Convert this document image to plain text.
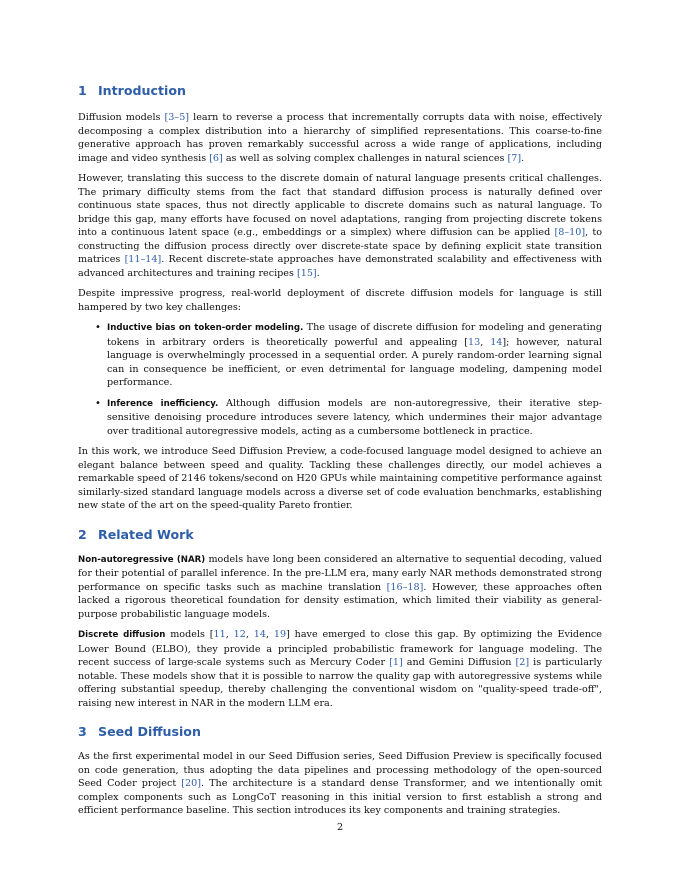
1 Introduction

Diffusion models [3–5] learn to reverse a process that incrementally corrupts data with noise, effectively decomposing a complex distribution into a hierarchy of simplified representations. This coarse-to-fine generative approach has proven remarkably successful across a wide range of applications, including image and video synthesis [6] as well as solving complex challenges in natural sciences [7].

However, translating this success to the discrete domain of natural language presents critical challenges. The primary difficulty stems from the fact that standard diffusion process is naturally defined over continuous state spaces, thus not directly applicable to discrete domains such as natural language. To bridge this gap, many efforts have focused on novel adaptations, ranging from projecting discrete tokens into a continuous latent space (e.g., embeddings or a simplex) where diffusion can be applied [8–10], to constructing the diffusion process directly over discrete-state space by defining explicit state transition matrices [11–14]. Recent discrete-state approaches have demonstrated scalability and effectiveness with advanced architectures and training recipes [15].

Despite impressive progress, real-world deployment of discrete diffusion models for language is still hampered by two key challenges:

• Inductive bias on token-order modeling. The usage of discrete diffusion for modeling and generating tokens in arbitrary orders is theoretically powerful and appealing [13, 14]; however, natural language is overwhelmingly processed in a sequential order. A purely random-order learning signal can in consequence be inefficient, or even detrimental for language modeling, dampening model performance.
• Inference inefficiency. Although diffusion models are non-autoregressive, their iterative step-sensitive denoising procedure introduces severe latency, which undermines their major advantage over traditional autoregressive models, acting as a cumbersome bottleneck in practice.

In this work, we introduce Seed Diffusion Preview, a code-focused language model designed to achieve an elegant balance between speed and quality. Tackling these challenges directly, our model achieves a remarkable speed of 2146 tokens/second on H20 GPUs while maintaining competitive performance against similarly-sized standard language models across a diverse set of code evaluation benchmarks, establishing new state of the art on the speed-quality Pareto frontier.

2 Related Work

Non-autoregressive (NAR) models have long been considered an alternative to sequential decoding, valued for their potential of parallel inference. In the pre-LLM era, many early NAR methods demonstrated strong performance on specific tasks such as machine translation [16–18]. However, these approaches often lacked a rigorous theoretical foundation for density estimation, which limited their viability as general-purpose probabilistic language models.

Discrete diffusion models [11, 12, 14, 19] have emerged to close this gap. By optimizing the Evidence Lower Bound (ELBO), they provide a principled probabilistic framework for language modeling. The recent success of large-scale systems such as Mercury Coder [1] and Gemini Diffusion [2] is particularly notable. These models show that it is possible to narrow the quality gap with autoregressive systems while offering substantial speedup, thereby challenging the conventional wisdom on "quality-speed trade-off", raising new interest in NAR in the modern LLM era.

3 Seed Diffusion

As the first experimental model in our Seed Diffusion series, Seed Diffusion Preview is specifically focused on code generation, thus adopting the data pipelines and processing methodology of the open-sourced Seed Coder project [20]. The architecture is a standard dense Transformer, and we intentionally omit complex components such as LongCoT reasoning in this initial version to first establish a strong and efficient performance baseline. This section introduces its key components and training strategies.

2
